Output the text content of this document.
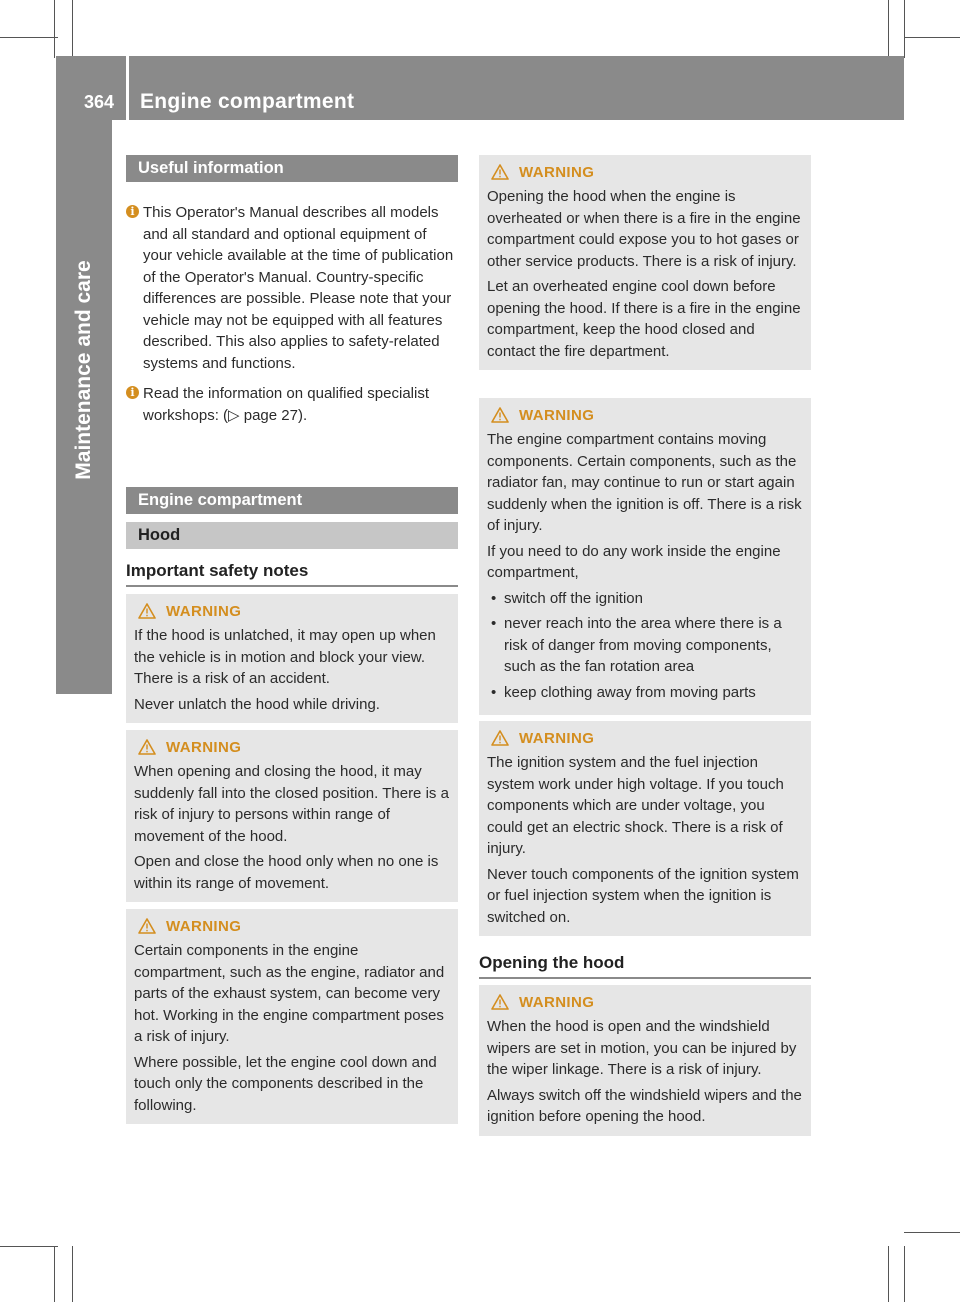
364 Engine compartment
Maintenance and care
Useful information

i This Operator's Manual describes all models and all standard and optional equipment of your vehicle available at the time of publication of the Operator's Manual. Country-specific differences are possible. Please note that your vehicle may not be equipped with all features described. This also applies to safety-related systems and functions.

i Read the information on qualified specialist workshops: (▷ page 27).

Engine compartment
Hood
Important safety notes
WARNING

If the hood is unlatched, it may open up when the vehicle is in motion and block your view. There is a risk of an accident.

Never unlatch the hood while driving.

WARNING

When opening and closing the hood, it may suddenly fall into the closed position. There is a risk of injury to persons within range of movement of the hood.

Open and close the hood only when no one is within its range of movement.

WARNING

Certain components in the engine compartment, such as the engine, radiator and parts of the exhaust system, can become very hot. Working in the engine compartment poses a risk of injury.

Where possible, let the engine cool down and touch only the components described in the following.

WARNING

Opening the hood when the engine is overheated or when there is a fire in the engine compartment could expose you to hot gases or other service products. There is a risk of injury.

Let an overheated engine cool down before opening the hood. If there is a fire in the engine compartment, keep the hood closed and contact the fire department.

WARNING

The engine compartment contains moving components. Certain components, such as the radiator fan, may continue to run or start again suddenly when the ignition is off. There is a risk of injury.

If you need to do any work inside the engine compartment,

• switch off the ignition
• never reach into the area where there is a risk of danger from moving components, such as the fan rotation area
• keep clothing away from moving parts
WARNING

The ignition system and the fuel injection system work under high voltage. If you touch components which are under voltage, you could get an electric shock. There is a risk of injury.

Never touch components of the ignition system or fuel injection system when the ignition is switched on.

Opening the hood
WARNING

When the hood is open and the windshield wipers are set in motion, you can be injured by the wiper linkage. There is a risk of injury.

Always switch off the windshield wipers and the ignition before opening the hood.
